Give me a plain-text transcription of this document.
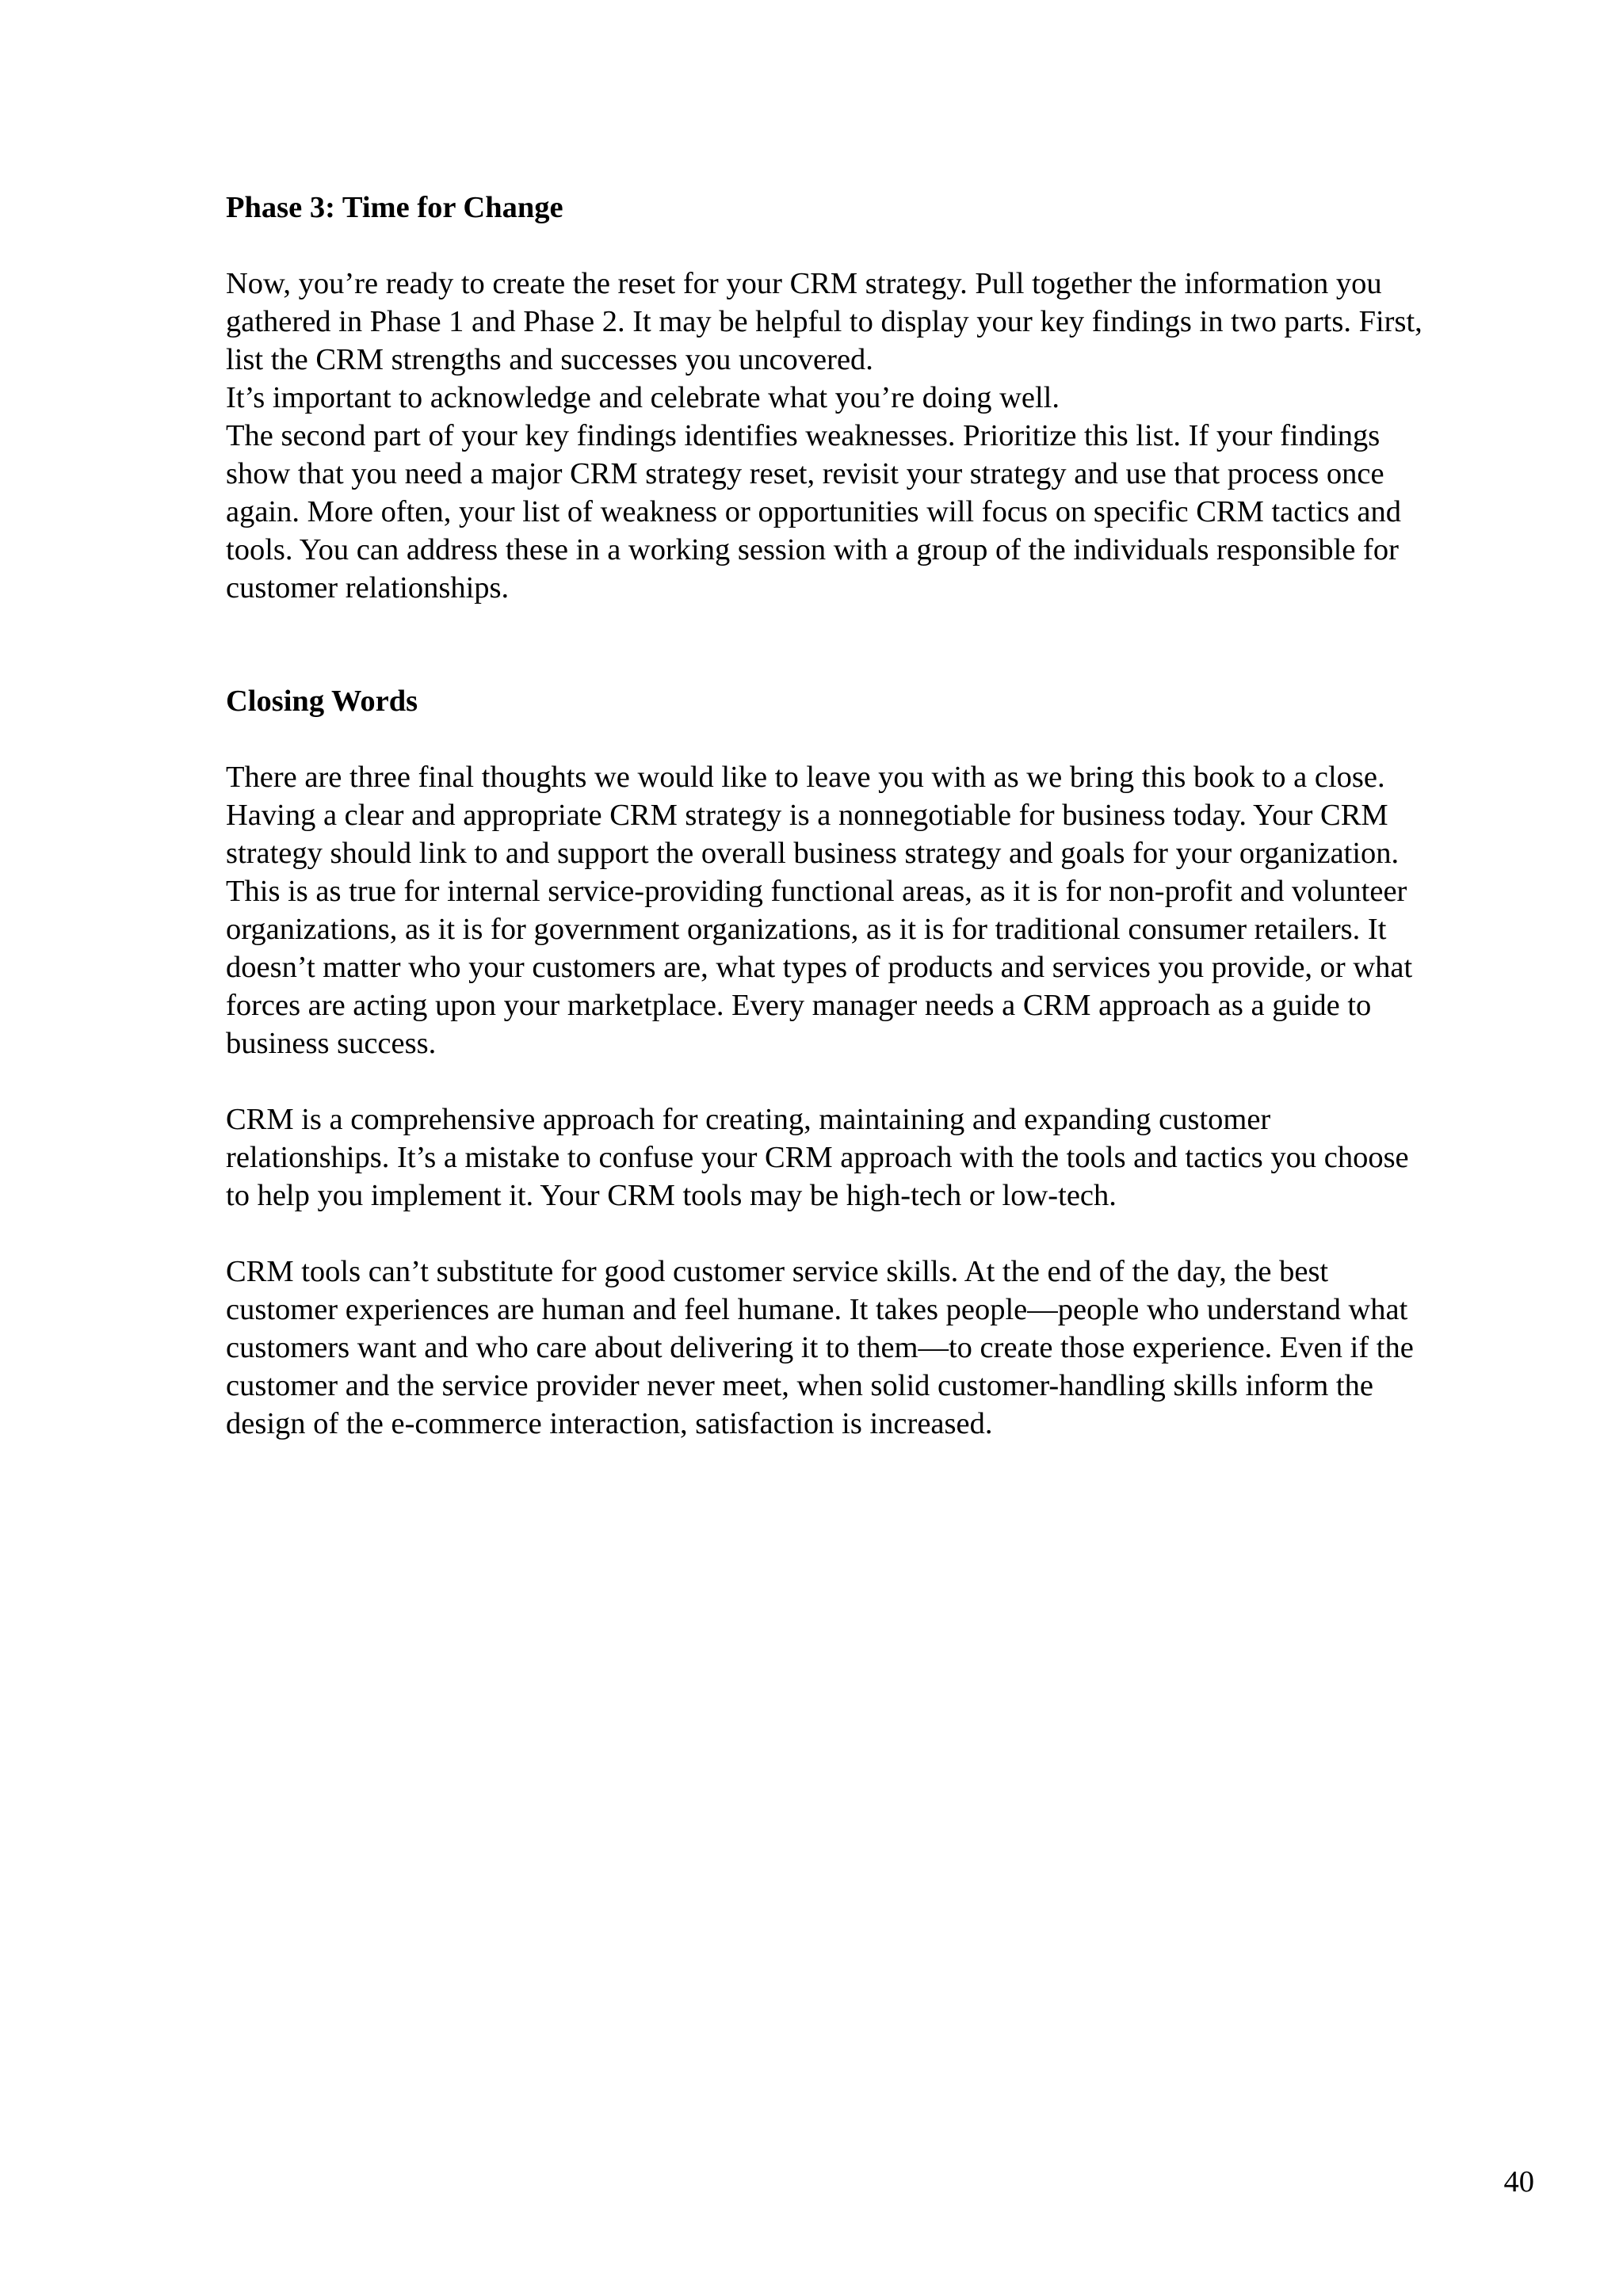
Phase 3: Time for Change
Now, you’re ready to create the reset for your CRM strategy. Pull together the information you
gathered in Phase 1 and Phase 2. It may be helpful to display your key findings in two parts. First,
list the CRM strengths and successes you uncovered.
It’s important to acknowledge and celebrate what you’re doing well.
The second part of your key findings identifies weaknesses. Prioritize this list. If your findings
show that you need a major CRM strategy reset, revisit your strategy and use that process once
again. More often, your list of weakness or opportunities will focus on specific CRM tactics and
tools. You can address these in a working session with a group of the individuals responsible for
customer relationships.
Closing Words
There are three final thoughts we would like to leave you with as we bring this book to a close.
Having a clear and appropriate CRM strategy is a nonnegotiable for business today. Your CRM
strategy should link to and support the overall business strategy and goals for your organization.
This is as true for internal service-providing functional areas, as it is for non-profit and volunteer
organizations, as it is for government organizations, as it is for traditional consumer retailers. It
doesn’t matter who your customers are, what types of products and services you provide, or what
forces are acting upon your marketplace. Every manager needs a CRM approach as a guide to
business success.
CRM is a comprehensive approach for creating, maintaining and expanding customer
relationships. It’s a mistake to confuse your CRM approach with the tools and tactics you choose
to help you implement it. Your CRM tools may be high-tech or low-tech.
CRM tools can’t substitute for good customer service skills. At the end of the day, the best
customer experiences are human and feel humane. It takes people—people who understand what
customers want and who care about delivering it to them—to create those experience. Even if the
customer and the service provider never meet, when solid customer-handling skills inform the
design of the e-commerce interaction, satisfaction is increased.
40
